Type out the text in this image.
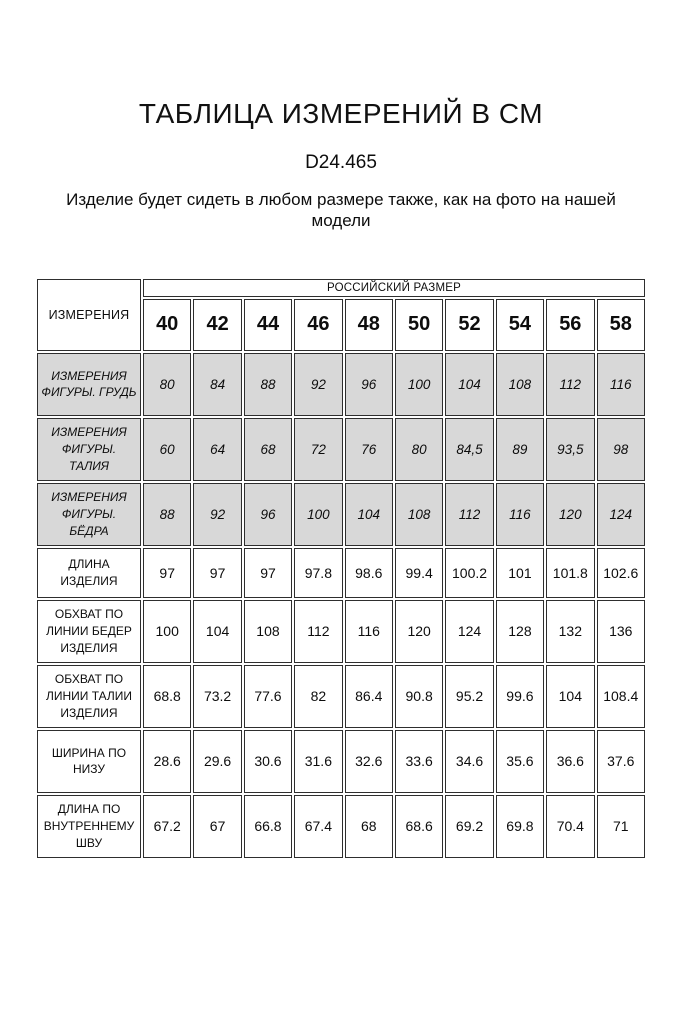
ТАБЛИЦА ИЗМЕРЕНИЙ В СМ
D24.465

Изделие будет сидеть в любом размере также, как на фото на нашей модели

ИЗМЕРЕНИЯ	РОССИЙСКИЙ РАЗМЕР									
	40	42	44	46	48	50	52	54	56	58
ИЗМЕРЕНИЯ ФИГУРЫ. ГРУДЬ	80	84	88	92	96	100	104	108	112	116
ИЗМЕРЕНИЯ ФИГУРЫ. ТАЛИЯ	60	64	68	72	76	80	84,5	89	93,5	98
ИЗМЕРЕНИЯ ФИГУРЫ. БЁДРА	88	92	96	100	104	108	112	116	120	124
ДЛИНА ИЗДЕЛИЯ	97	97	97	97.8	98.6	99.4	100.2	101	101.8	102.6
ОБХВАТ ПО ЛИНИИ БЕДЕР ИЗДЕЛИЯ	100	104	108	112	116	120	124	128	132	136
ОБХВАТ ПО ЛИНИИ ТАЛИИ ИЗДЕЛИЯ	68.8	73.2	77.6	82	86.4	90.8	95.2	99.6	104	108.4
ШИРИНА ПО НИЗУ	28.6	29.6	30.6	31.6	32.6	33.6	34.6	35.6	36.6	37.6
ДЛИНА ПО ВНУТРЕННЕМУ ШВУ	67.2	67	66.8	67.4	68	68.6	69.2	69.8	70.4	71
